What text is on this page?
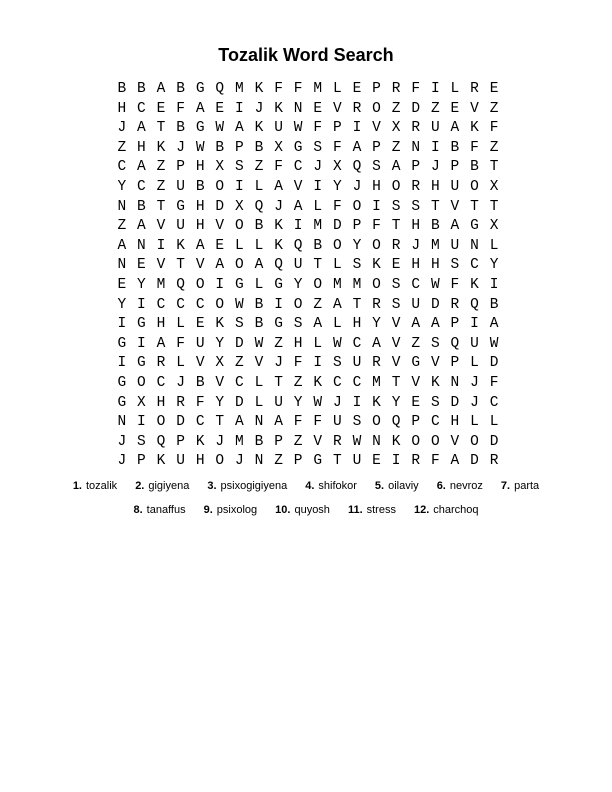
Tozalik Word Search
B B A B G Q M K F F M L E P R F I L R E
H C E F A E I J K N E V R O Z D Z E V Z
J A T B G W A K U W F P I V X R U A K F
Z H K J W B P B X G S F A P Z N I B F Z
C A Z P H X S Z F C J X Q S A P J P B T
Y C Z U B O I L A V I Y J H O R H U O X
N B T G H D X Q J A L F O I S S T V T T
Z A V U H V O B K I M D P F T H B A G X
A N I K A E L L K Q B O Y O R J M U N L
N E V T V A O A Q U T L S K E H H S C Y
E Y M Q O I G L G Y O M M O S C W F K I
Y I C C C O W B I O Z A T R S U D R Q B
I G H L E K S B G S A L H Y V A A P I A
G I A F U Y D W Z H L W C A V Z S Q U W
I G R L V X Z V J F I S U R V G V P L D
G O C J B V C L T Z K C C M T V K N J F
G X H R F Y D L U Y W J I K Y E S D J C
N I O D C T A N A F F U S O Q P C H L L
J S Q P K J M B P Z V R W N K O O V O D
J P K U H O J N Z P G T U E I R F A D R
1. tozalik 2. gigiyena 3. psixogigiyena 4. shifokor 5. oilaviy 6. nevroz 7. parta
8. tanaffus 9. psixolog 10. quyosh 11. stress 12. charchoq
